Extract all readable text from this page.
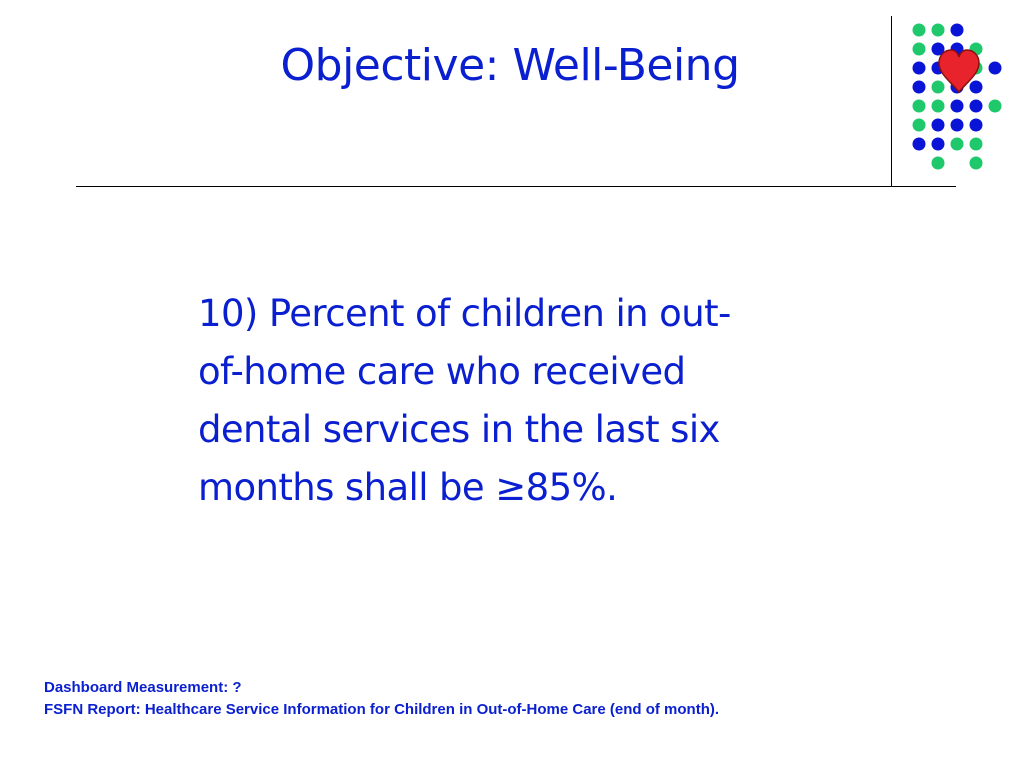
Objective: Well-Being
10) Percent of children in out-
of-home care who received
dental services in the last six
months shall be ≥85%.
Dashboard Measurement: ?
FSFN Report: Healthcare Service Information for Children in Out-of-Home Care (end of month).
